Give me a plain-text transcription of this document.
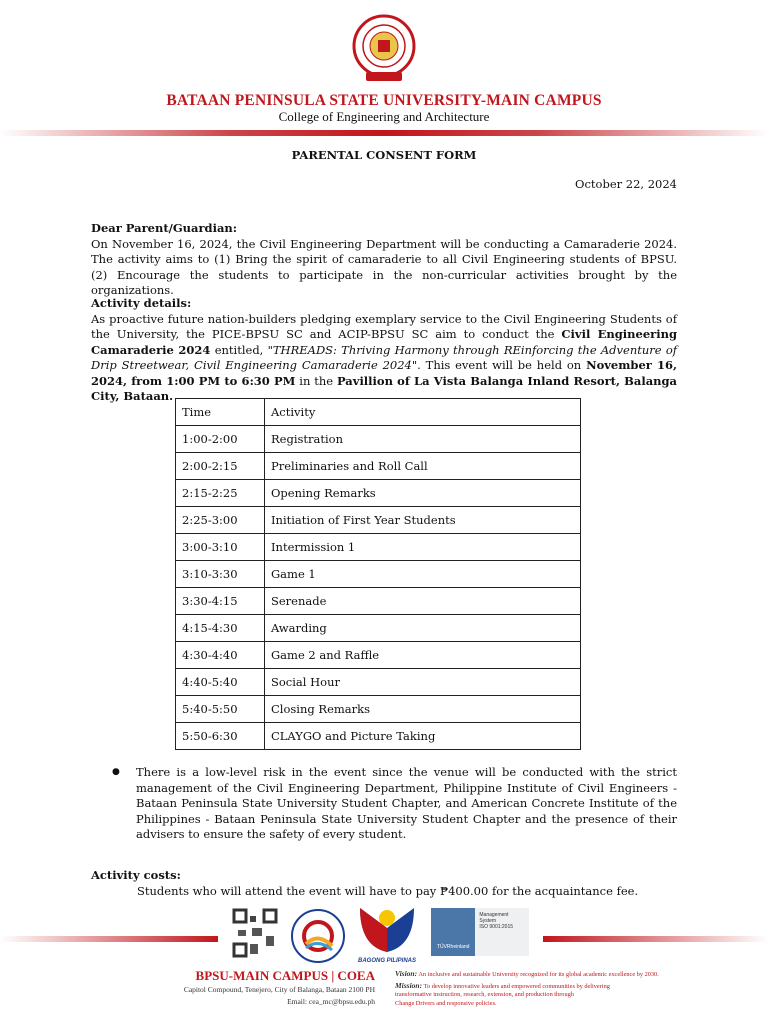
BATAAN PENINSULA STATE UNIVERSITY-MAIN CAMPUS
College of Engineering and Architecture
PARENTAL CONSENT FORM
October 22, 2024
Dear Parent/Guardian:
On November 16, 2024, the Civil Engineering Department will be conducting a Camaraderie 2024. The activity aims to (1) Bring the spirit of camaraderie to all Civil Engineering students of BPSU. (2) Encourage the students to participate in the non-curricular activities brought by the organizations.
Activity details:
As proactive future nation-builders pledging exemplary service to the Civil Engineering Students of the University, the PICE-BPSU SC and ACIP-BPSU SC aim to conduct the Civil Engineering Camaraderie 2024 entitled, "THREADS: Thriving Harmony through REinforcing the Adventure of Drip Streetwear, Civil Engineering Camaraderie 2024". This event will be held on November 16, 2024, from 1:00 PM to 6:30 PM in the Pavillion of La Vista Balanga Inland Resort, Balanga City, Bataan.
Time	Activity
1:00-2:00	Registration
2:00-2:15	Preliminaries and Roll Call
2:15-2:25	Opening Remarks
2:25-3:00	Initiation of First Year Students
3:00-3:10	Intermission 1
3:10-3:30	Game 1
3:30-4:15	Serenade
4:15-4:30	Awarding
4:30-4:40	Game 2 and Raffle
4:40-5:40	Social Hour
5:40-5:50	Closing Remarks
5:50-6:30	CLAYGO and Picture Taking
● There is a low-level risk in the event since the venue will be conducted with the strict management of the Civil Engineering Department, Philippine Institute of Civil Engineers - Bataan Peninsula State University Student Chapter, and American Concrete Institute of the Philippines - Bataan Peninsula State University Student Chapter and the presence of their advisers to ensure the safety of every student.
Activity costs:
Students who will attend the event will have to pay ₱400.00 for the acquaintance fee.
BAGONG PILIPINAS
TÜVRheinland
Management System
ISO 9001:2015
BPSU-MAIN CAMPUS | COEA
Capitol Compound, Tenejero, City of Balanga, Bataan 2100 PH
Email: cea_mc@bpsu.edu.ph
Vision: An inclusive and sustainable University recognized for its global academic excellence by 2030.
Mission: To develop innovative leaders and empowered communities by delivering
transformative instruction, research, extension, and production through
Change Drivers and responsive policies.
